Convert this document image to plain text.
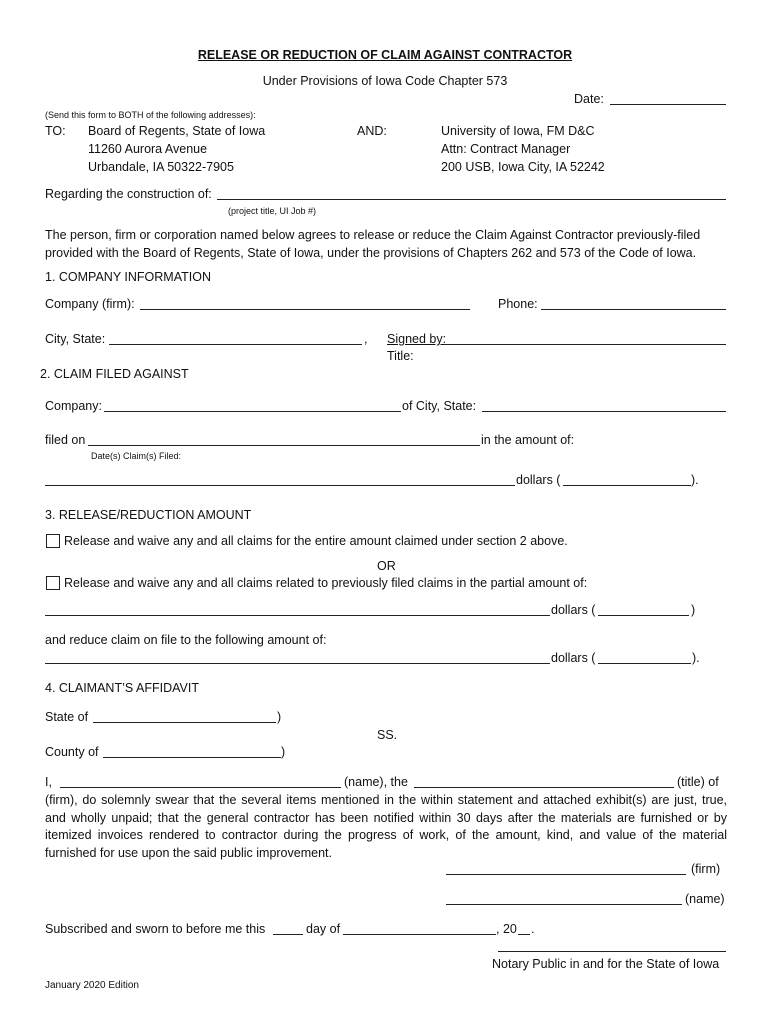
RELEASE OR REDUCTION OF CLAIM AGAINST CONTRACTOR
Under Provisions of Iowa Code Chapter 573
Date:
(Send this form to BOTH of the following addresses):
TO: Board of Regents, State of Iowa
11260 Aurora Avenue
Urbandale, IA 50322-7905
AND:	University of Iowa, FM D&C
Attn: Contract Manager
200 USB, Iowa City, IA 52242
Regarding the construction of:
(project title, UI Job #)
The person, firm or corporation named below agrees to release or reduce the Claim Against Contractor previously-filed provided with the Board of Regents, State of Iowa, under the provisions of Chapters 262 and 573 of the Code of Iowa.
1. COMPANY INFORMATION
Company (firm):	Phone:
City, State:	, Signed by:
Title:
2. CLAIM FILED AGAINST
Company:	of City, State:
filed on	in the amount of:
Date(s) Claim(s) Filed:
dollars (	).
3. RELEASE/REDUCTION AMOUNT
Release and waive any and all claims for the entire amount claimed under section 2 above.
OR
Release and waive any and all claims related to previously filed claims in the partial amount of:
dollars (	)
and reduce claim on file to the following amount of:
dollars (	).
4. CLAIMANT’S AFFIDAVIT
State of	)
SS.
County of	)
I,	(name), the	(title) of
(firm), do solemnly swear that the several items mentioned in the within statement and attached exhibit(s) are just, true, and wholly unpaid; that the general contractor has been notified within 30 days after the materials are furnished or by itemized invoices rendered to contractor during the progress of work, of the amount, kind, and value of the material furnished for use upon the said public improvement.
(firm)
(name)
Subscribed and sworn to before me this	day of	, 20 .
Notary Public in and for the State of Iowa
January 2020 Edition
